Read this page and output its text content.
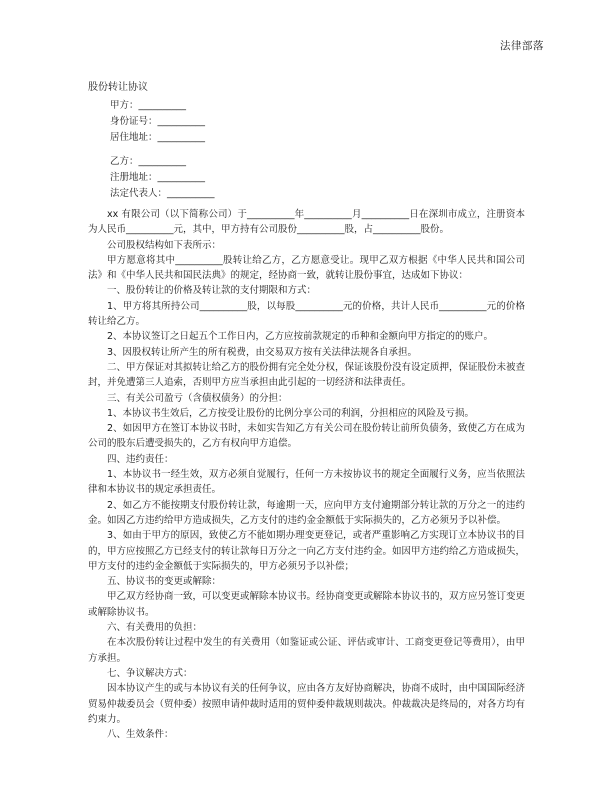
法律部落
股份转让协议
甲方：__________
身份证号：__________
居住地址：__________
乙方：__________
注册地址：__________
法定代表人：__________

xx 有限公司（以下简称公司）于__________年__________月__________日在深圳市成立，注册资本为人民币__________元，其中，甲方持有公司股份__________股，占__________股份。

公司股权结构如下表所示：

甲方愿意将其中__________股转让给乙方，乙方愿意受让。现甲乙双方根据《中华人民共和国公司法》和《中华人民共和国民法典》的规定，经协商一致，就转让股份事宜，达成如下协议：

一、股份转让的价格及转让款的支付期限和方式：

1、甲方将其所持公司__________股，以每股__________元的价格，共计人民币__________元的价格转让给乙方。

2、本协议签订之日起五个工作日内，乙方应按前款规定的币种和金额向甲方指定的的账户。

3、因股权转让所产生的所有税费，由交易双方按有关法律法规各自承担。

二、甲方保证对其拟转让给乙方的股份拥有完全处分权，保证该股份没有设定质押，保证股份未被查封，并免遭第三人追索，否则甲方应当承担由此引起的一切经济和法律责任。

三、有关公司盈亏（含债权债务）的分担：

1、本协议书生效后，乙方按受让股份的比例分享公司的利润，分担相应的风险及亏损。

2、如因甲方在签订本协议书时，未如实告知乙方有关公司在股份转让前所负债务，致使乙方在成为公司的股东后遭受损失的，乙方有权向甲方追偿。

四、违约责任：

1、本协议书一经生效，双方必须自觉履行，任何一方未按协议书的规定全面履行义务，应当依照法律和本协议书的规定承担责任。

2、如乙方不能按期支付股份转让款，每逾期一天，应向甲方支付逾期部分转让款的万分之一的违约金。如因乙方违约给甲方造成损失，乙方支付的违约金金额低于实际损失的，乙方必须另予以补偿。

3、如由于甲方的原因，致使乙方不能如期办理变更登记，或者严重影响乙方实现订立本协议书的目的，甲方应按照乙方已经支付的转让款每日万分之一向乙方支付违约金。如因甲方违约给乙方造成损失，甲方支付的违约金金额低于实际损失的，甲方必须另予以补偿；

五、协议书的变更或解除：

甲乙双方经协商一致，可以变更或解除本协议书。经协商变更或解除本协议书的，双方应另签订变更或解除协议书。

六、有关费用的负担：

在本次股份转让过程中发生的有关费用（如鉴证或公证、评估或审计、工商变更登记等费用），由甲方承担。

七、争议解决方式：

因本协议产生的或与本协议有关的任何争议，应由各方友好协商解决，协商不成时，由中国国际经济贸易仲裁委员会（贸仲委）按照申请仲裁时适用的贸仲委仲裁规则裁决。仲裁裁决是终局的，对各方均有约束力。

八、生效条件：
